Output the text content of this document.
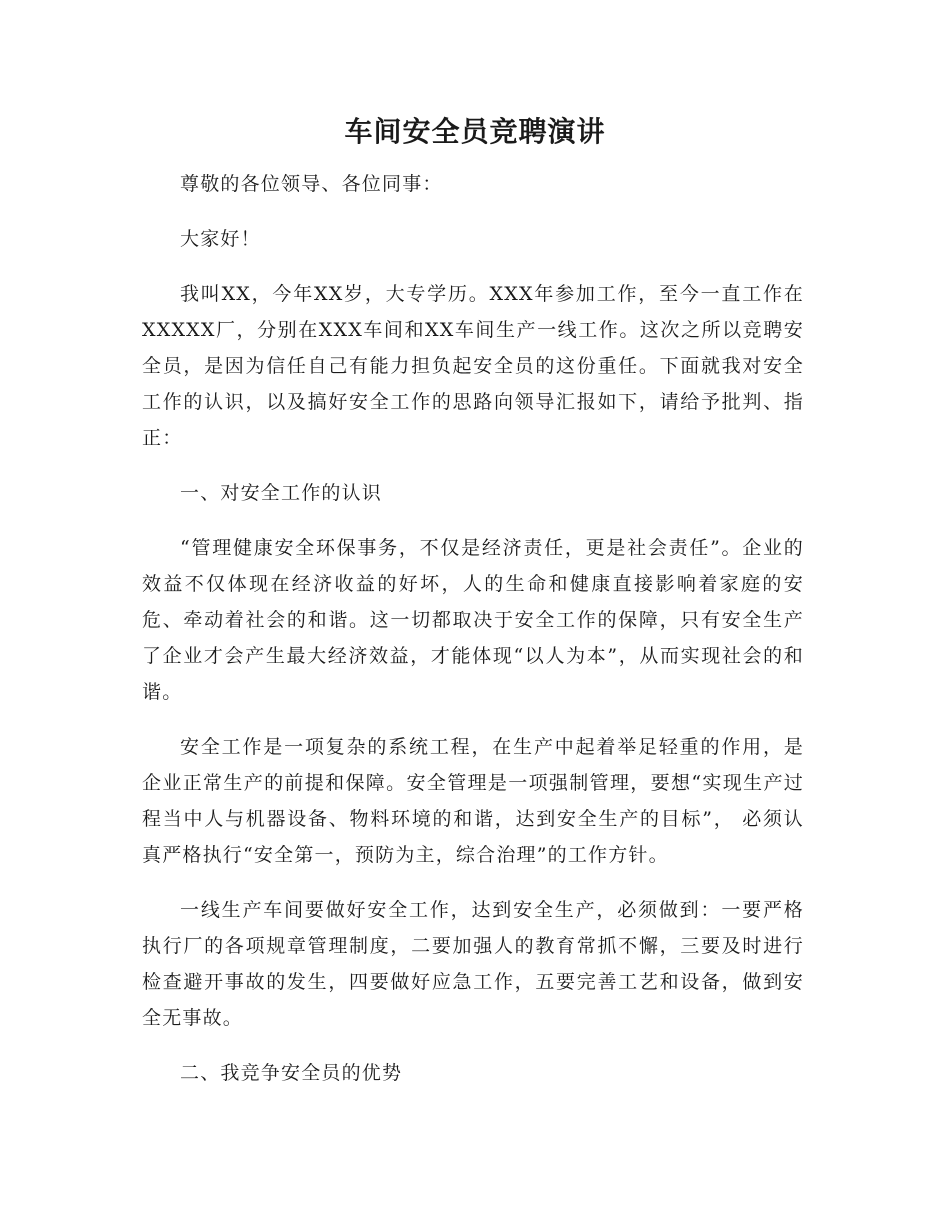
车间安全员竞聘演讲

尊敬的各位领导、各位同事：

大家好！

我叫XX，今年XX岁，大专学历。XXX年参加工作，至今一直工作在XXXXX厂，分别在XXX车间和XX车间生产一线工作。这次之所以竞聘安全员，是因为信任自己有能力担负起安全员的这份重任。下面就我对安全工作的认识，以及搞好安全工作的思路向领导汇报如下，请给予批判、指正：

一、对安全工作的认识

“管理健康安全环保事务，不仅是经济责任，更是社会责任”。企业的效益不仅体现在经济收益的好坏，人的生命和健康直接影响着家庭的安危、牵动着社会的和谐。这一切都取决于安全工作的保障，只有安全生产了企业才会产生最大经济效益，才能体现“以人为本”，从而实现社会的和谐。

安全工作是一项复杂的系统工程，在生产中起着举足轻重的作用，是企业正常生产的前提和保障。安全管理是一项强制管理，要想“实现生产过程当中人与机器设备、物料环境的和谐，达到安全生产的目标”， 必须认真严格执行“安全第一，预防为主，综合治理”的工作方针。

一线生产车间要做好安全工作，达到安全生产，必须做到：一要严格执行厂的各项规章管理制度，二要加强人的教育常抓不懈，三要及时进行检查避开事故的发生，四要做好应急工作，五要完善工艺和设备，做到安全无事故。

二、我竞争安全员的优势
